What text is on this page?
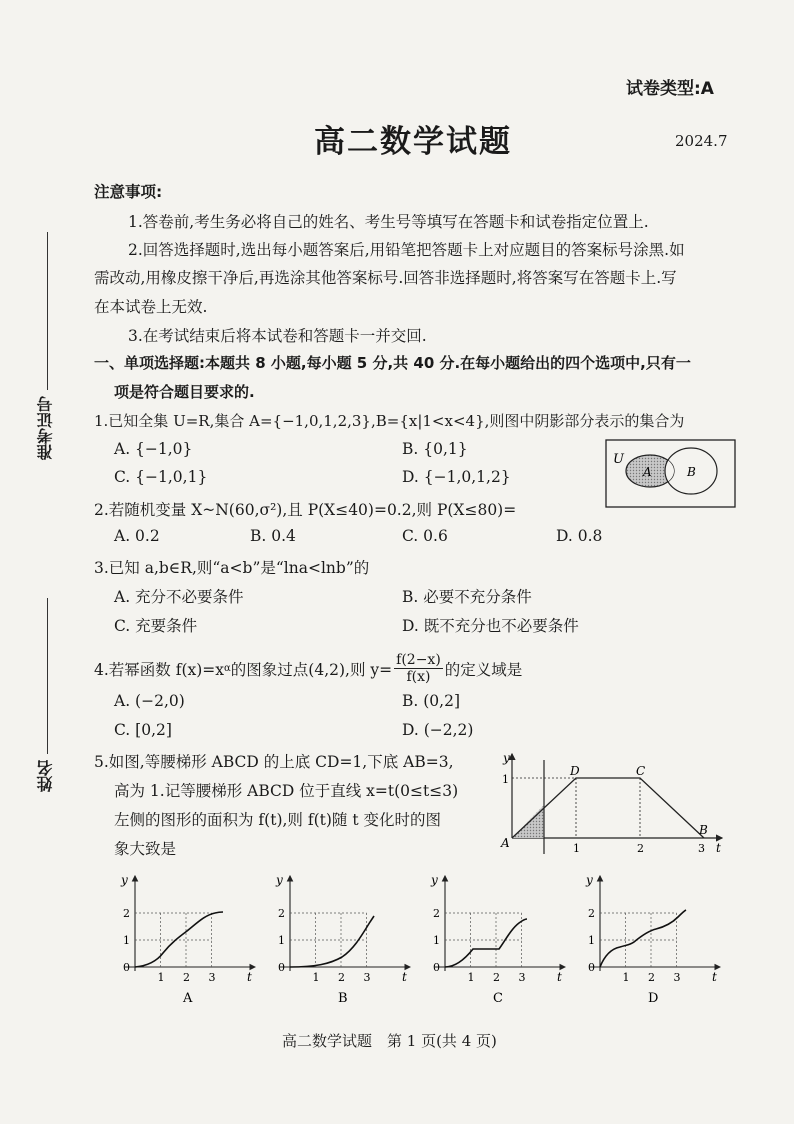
试卷类型:A
高二数学试题	2024.7
准考证号
姓名
注意事项:
1.答卷前,考生务必将自己的姓名、考生号等填写在答题卡和试卷指定位置上.
2.回答选择题时,选出每小题答案后,用铅笔把答题卡上对应题目的答案标号涂黑.如
需改动,用橡皮擦干净后,再选涂其他答案标号.回答非选择题时,将答案写在答题卡上.写
在本试卷上无效.
3.在考试结束后将本试卷和答题卡一并交回.
一、单项选择题:本题共 8 小题,每小题 5 分,共 40 分.在每小题给出的四个选项中,只有一
项是符合题目要求的.
1.已知全集 U=R,集合 A={−1,0,1,2,3},B={x|1<x<4},则图中阴影部分表示的集合为
A. {−1,0}	B. {0,1}
C. {−1,0,1}	D. {−1,0,1,2}
U
A	B
2.若随机变量 X~N(60,σ²),且 P(X≤40)=0.2,则 P(X≤80)=
A. 0.2	B. 0.4	C. 0.6	D. 0.8
3.已知 a,b∈R,则“a<b”是“lna<lnb”的
A. 充分不必要条件	B. 必要不充分条件
C. 充要条件	D. 既不充分也不必要条件
4.若幂函数 f(x)=x α 的图象过点(4,2),则 $y= \frac{f(2-x)}{f(x)}$ 的定义域是
A. (−2,0)	B. (0,2]
C. [0,2]	D. (−2,2)
5.如图,等腰梯形 ABCD 的上底 CD=1,下底 AB=3,
高为 1.记等腰梯形 ABCD 位于直线 x=t(0≤t≤3)
左侧的图形的面积为 f(t),则 f(t)随 t 变化时的图
象大致是
y
t
1
D	C
A
B
1	2	3
y
t
0
1
2
1 2 3
A
y
t
0
1
2
1 2 3
B
y
t
0
1
2
1 2 3
C
y
t
0
1
2
1 2 3
D
高二数学试题　第 1 页(共 4 页)
